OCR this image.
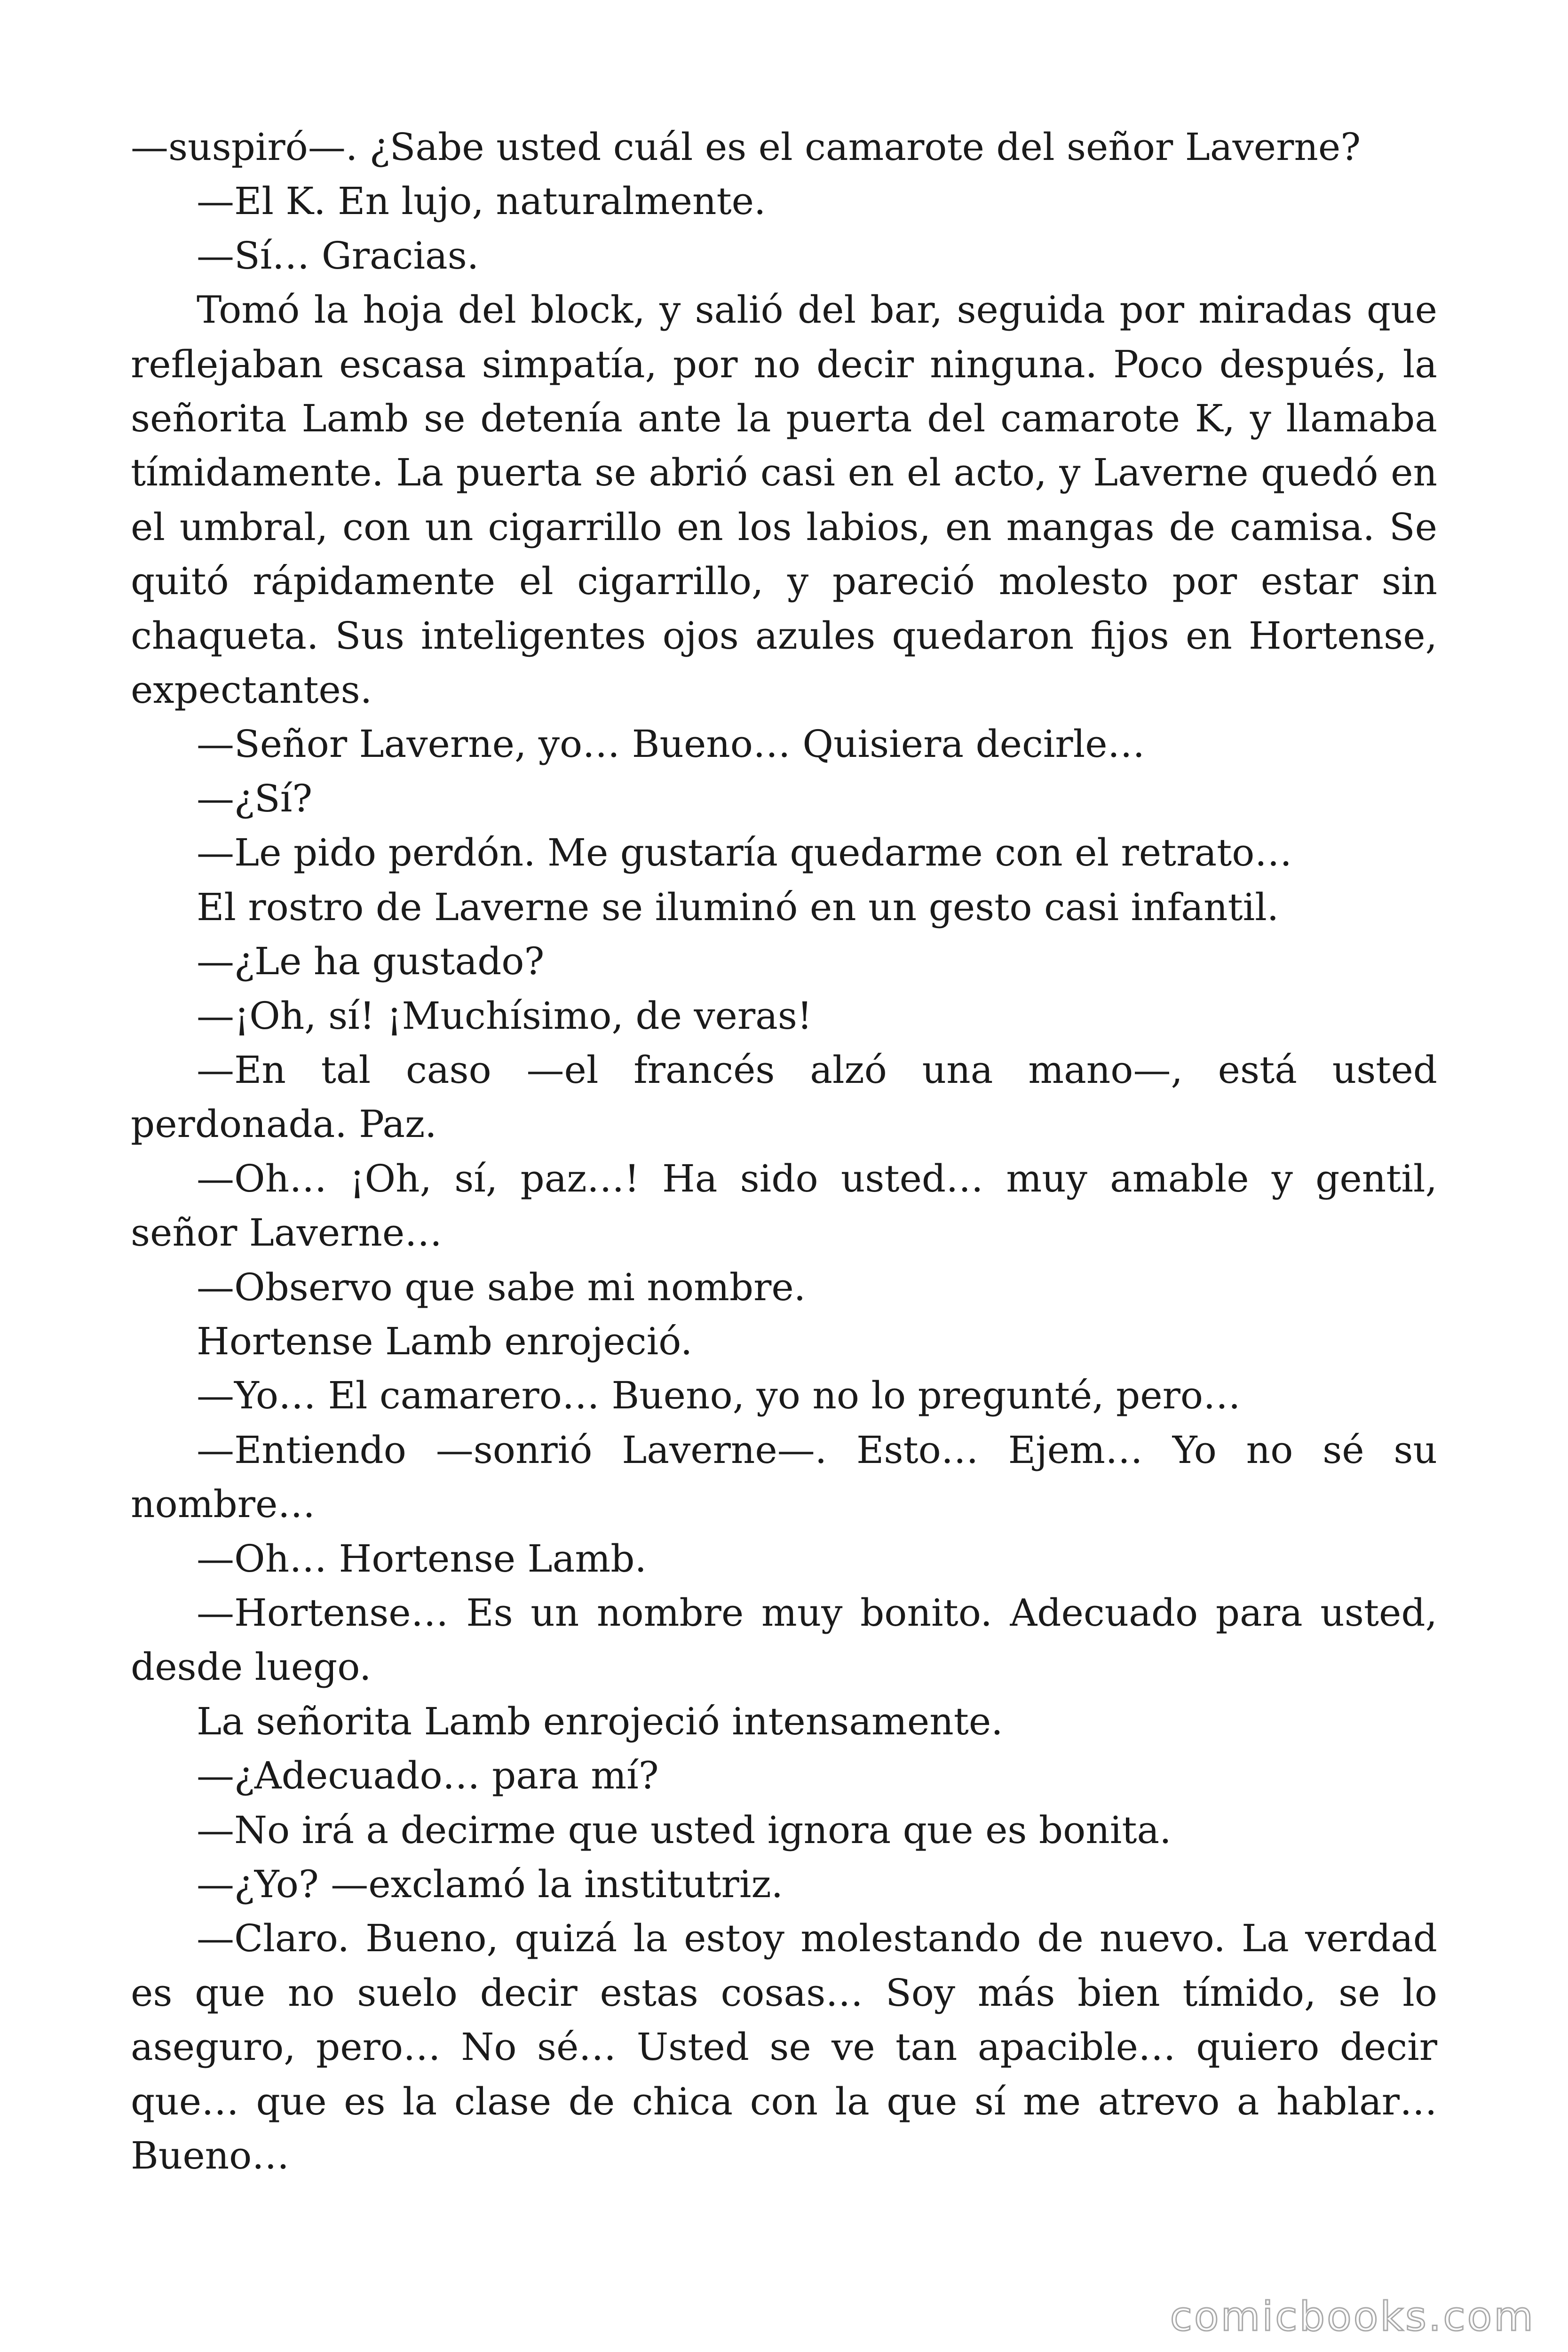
—suspiró—. ¿Sabe usted cuál es el camarote del señor Laverne?

—El K. En lujo, naturalmente.

—Sí… Gracias.

Tomó la hoja del block, y salió del bar, seguida por miradas que reflejaban escasa simpatía, por no decir ninguna. Poco después, la señorita Lamb se detenía ante la puerta del camarote K, y llamaba tímidamente. La puerta se abrió casi en el acto, y Laverne quedó en el umbral, con un cigarrillo en los labios, en mangas de camisa. Se quitó rápidamente el cigarrillo, y pareció molesto por estar sin chaqueta. Sus inteligentes ojos azules quedaron fijos en Hortense, expectantes.

—Señor Laverne, yo… Bueno… Quisiera decirle…

—¿Sí?

—Le pido perdón. Me gustaría quedarme con el retrato…

El rostro de Laverne se iluminó en un gesto casi infantil.

—¿Le ha gustado?

—¡Oh, sí! ¡Muchísimo, de veras!

—En tal caso —el francés alzó una mano—, está usted perdonada. Paz.

—Oh… ¡Oh, sí, paz…! Ha sido usted… muy amable y gentil, señor Laverne…

—Observo que sabe mi nombre.

Hortense Lamb enrojeció.

—Yo… El camarero… Bueno, yo no lo pregunté, pero…

—Entiendo —sonrió Laverne—. Esto… Ejem… Yo no sé su nombre…

—Oh… Hortense Lamb.

—Hortense… Es un nombre muy bonito. Adecuado para usted, desde luego.

La señorita Lamb enrojeció intensamente.

—¿Adecuado… para mí?

—No irá a decirme que usted ignora que es bonita.

—¿Yo? —exclamó la institutriz.

—Claro. Bueno, quizá la estoy molestando de nuevo. La verdad es que no suelo decir estas cosas… Soy más bien tímido, se lo aseguro, pero… No sé… Usted se ve tan apacible… quiero decir que… que es la clase de chica con la que sí me atrevo a hablar… Bueno…

comicbooks.com
